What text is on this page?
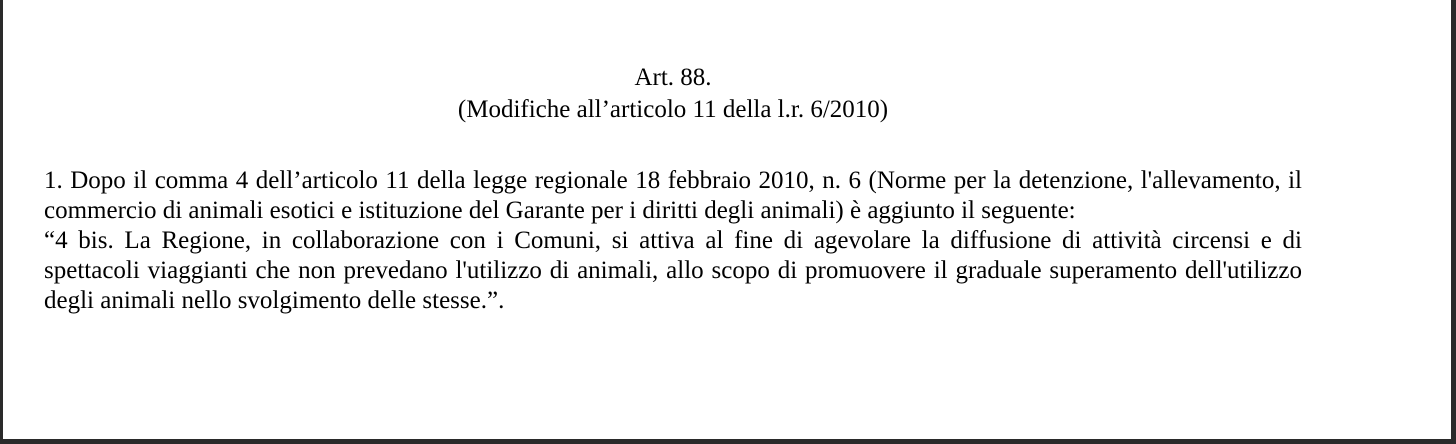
Art. 88.
(Modifiche all’articolo 11 della l.r. 6/2010)

1. Dopo il comma 4 dell’articolo 11 della legge regionale 18 febbraio 2010, n. 6 (Norme per la detenzione, l'allevamento, il commercio di animali esotici e istituzione del Garante per i diritti degli animali) è aggiunto il seguente:

“4 bis. La Regione, in collaborazione con i Comuni, si attiva al fine di agevolare la diffusione di attività circensi e di spettacoli viaggianti che non prevedano l'utilizzo di animali, allo scopo di promuovere il graduale superamento dell'utilizzo degli animali nello svolgimento delle stesse.”.
